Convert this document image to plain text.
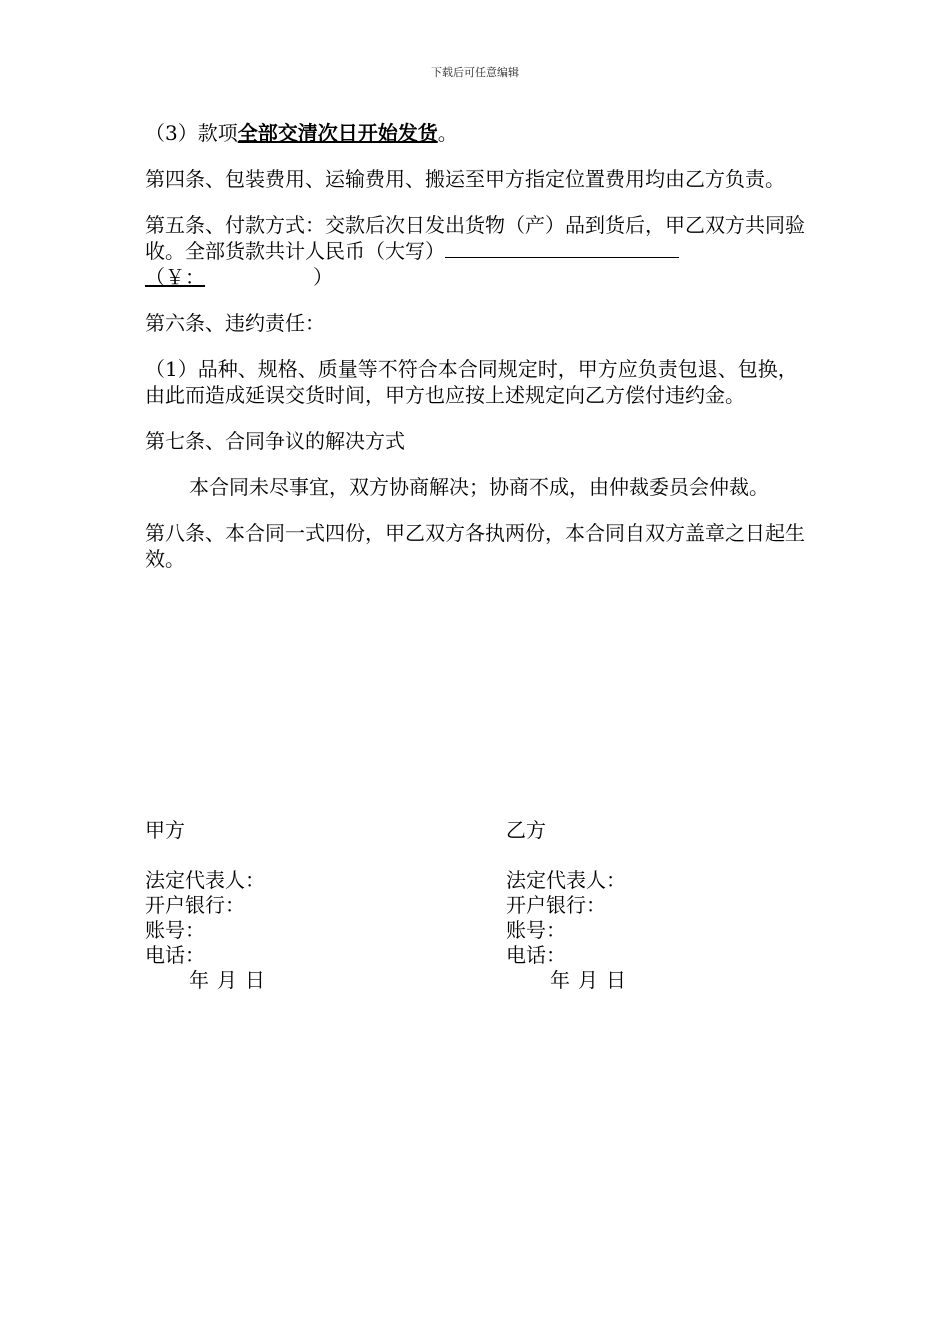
下载后可任意编辑

（3）款项全部交清次日开始发货。

第四条、包装费用、运输费用、搬运至甲方指定位置费用均由乙方负责。

第五条、付款方式：交款后次日发出货物（产）品到货后，甲乙双方共同验收。全部货款共计人民币（大写）
（￥：	）

第六条、违约责任：

（1）品种、规格、质量等不符合本合同规定时，甲方应负责包退、包换，由此而造成延误交货时间，甲方也应按上述规定向乙方偿付违约金。

第七条、合同争议的解决方式

本合同未尽事宜，双方协商解决；协商不成，由仲裁委员会仲裁。

第八条、本合同一式四份，甲乙双方各执两份，本合同自双方盖章之日起生效。

甲方
法定代表人：
开户银行：
账号：
电话：
年 月 日
乙方
法定代表人：
开户银行：
账号：
电话：
年 月 日
